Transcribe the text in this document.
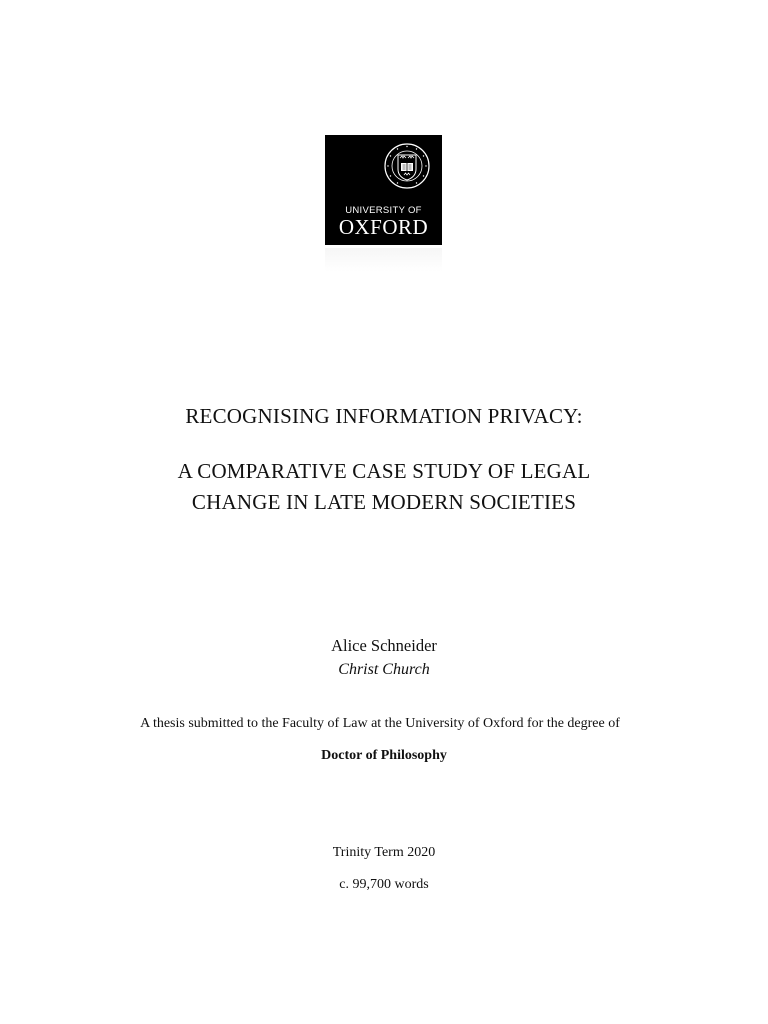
UNIVERSITY OF
OXFORD
RECOGNISING INFORMATION PRIVACY:
A COMPARATIVE CASE STUDY OF LEGAL
CHANGE IN LATE MODERN SOCIETIES
Alice Schneider
Christ Church
A thesis submitted to the Faculty of Law at the University of Oxford for the degree of
Doctor of Philosophy
Trinity Term 2020
c. 99,700 words
